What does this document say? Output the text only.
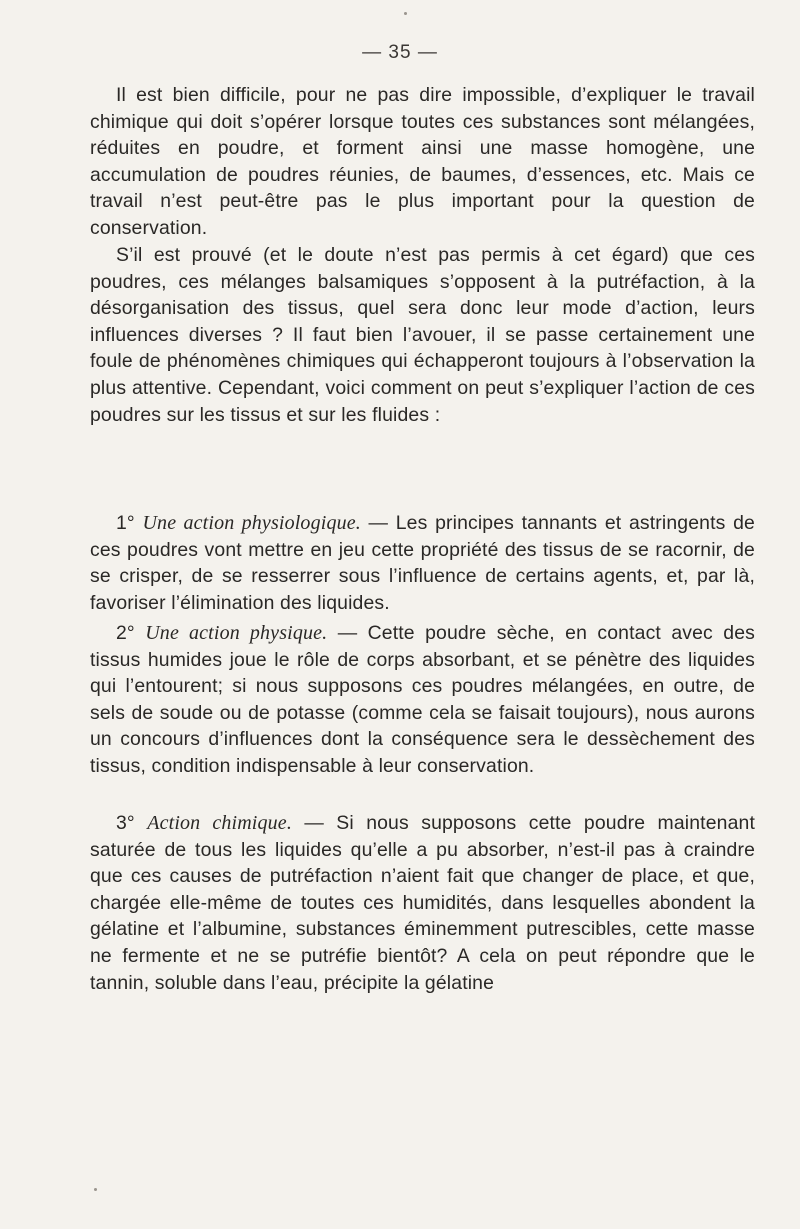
— 35 —

Il est bien difficile, pour ne pas dire impossible, d’expliquer le travail chimique qui doit s’opérer lorsque toutes ces substances sont mélangées, réduites en poudre, et forment ainsi une masse homogène, une accumulation de poudres réunies, de baumes, d’essences, etc. Mais ce travail n’est peut-être pas le plus important pour la question de conservation.

S’il est prouvé (et le doute n’est pas permis à cet égard) que ces poudres, ces mélanges balsamiques s’opposent à la putréfaction, à la désorganisation des tissus, quel sera donc leur mode d’action, leurs influences diverses ? Il faut bien l’avouer, il se passe certainement une foule de phénomènes chimiques qui échapperont toujours à l’observation la plus attentive. Cependant, voici comment on peut s’expliquer l’action de ces poudres sur les tissus et sur les fluides :

1° Une action physiologique. — Les principes tannants et astringents de ces poudres vont mettre en jeu cette propriété des tissus de se racornir, de se crisper, de se resserrer sous l’influence de certains agents, et, par là, favoriser l’élimination des liquides.

2° Une action physique. — Cette poudre sèche, en contact avec des tissus humides joue le rôle de corps absorbant, et se pénètre des liquides qui l’entourent; si nous supposons ces poudres mélangées, en outre, de sels de soude ou de potasse (comme cela se faisait toujours), nous aurons un concours d’influences dont la conséquence sera le dessèchement des tissus, condition indispensable à leur conservation.

3° Action chimique. — Si nous supposons cette poudre maintenant saturée de tous les liquides qu’elle a pu absorber, n’est-il pas à craindre que ces causes de putréfaction n’aient fait que changer de place, et que, chargée elle-même de toutes ces humidités, dans lesquelles abondent la gélatine et l’albumine, substances éminemment putrescibles, cette masse ne fermente et ne se putréfie bientôt? A cela on peut répondre que le tannin, soluble dans l’eau, précipite la gélatine
